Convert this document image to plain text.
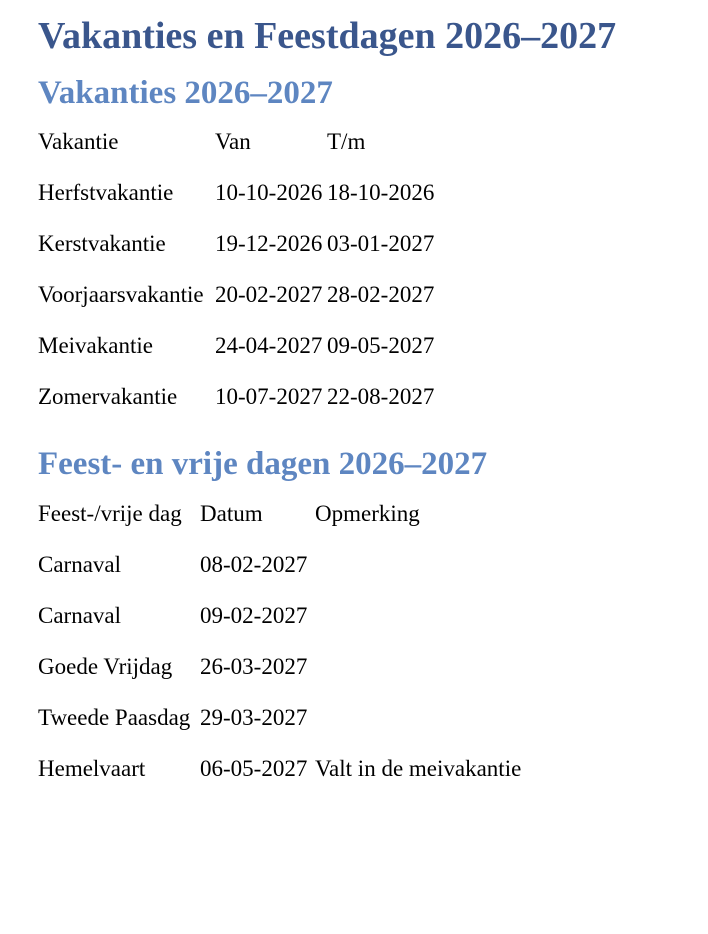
Vakanties en Feestdagen 2026–2027
Vakanties 2026–2027
Vakantie	Van	T/m
Herfstvakantie	10-10-2026	18-10-2026
Kerstvakantie	19-12-2026	03-01-2027
Voorjaarsvakantie	20-02-2027	28-02-2027
Meivakantie	24-04-2027	09-05-2027
Zomervakantie	10-07-2027	22-08-2027
Feest- en vrije dagen 2026–2027
Feest-/vrije dag	Datum	Opmerking
Carnaval	08-02-2027	
Carnaval	09-02-2027	
Goede Vrijdag	26-03-2027	
Tweede Paasdag	29-03-2027	
Hemelvaart	06-05-2027	Valt in de meivakantie
